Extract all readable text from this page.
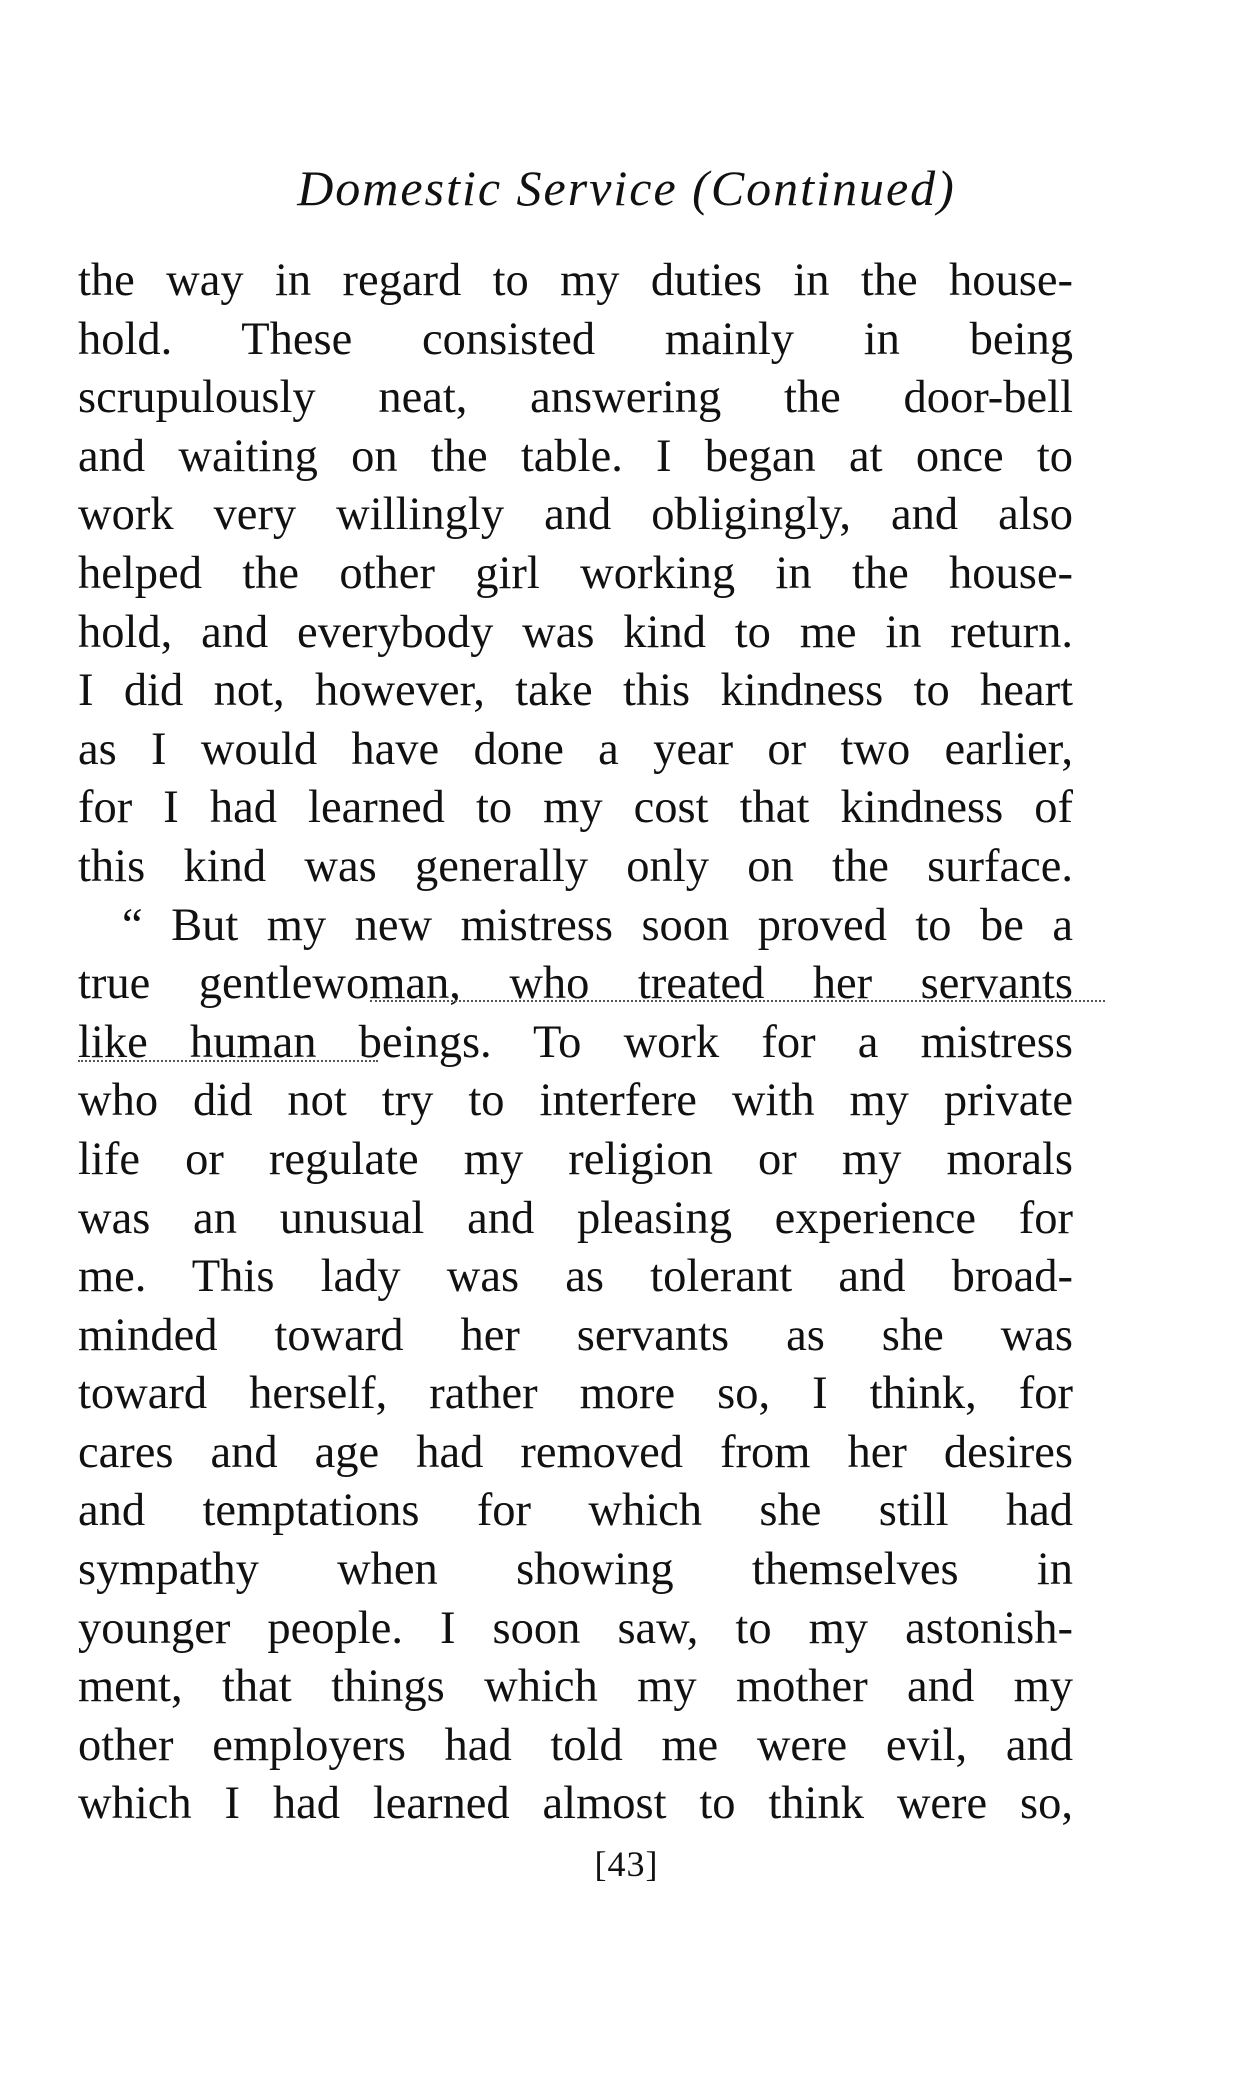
Domestic Service (Continued)
the way in regard to my duties in the house-
hold. These consisted mainly in being
scrupulously neat, answering the door-bell
and waiting on the table. I began at once to
work very willingly and obligingly, and also
helped the other girl working in the house-
hold, and everybody was kind to me in return.
I did not, however, take this kindness to heart
as I would have done a year or two earlier,
for I had learned to my cost that kindness of
this kind was generally only on the surface.
“ But my new mistress soon proved to be a
true gentlewoman, who treated her servants
like human beings. To work for a mistress
who did not try to interfere with my private
life or regulate my religion or my morals
was an unusual and pleasing experience for
me. This lady was as tolerant and broad-
minded toward her servants as she was
toward herself, rather more so, I think, for
cares and age had removed from her desires
and temptations for which she still had
sympathy when showing themselves in
younger people. I soon saw, to my astonish-
ment, that things which my mother and my
other employers had told me were evil, and
which I had learned almost to think were so,
[43]
